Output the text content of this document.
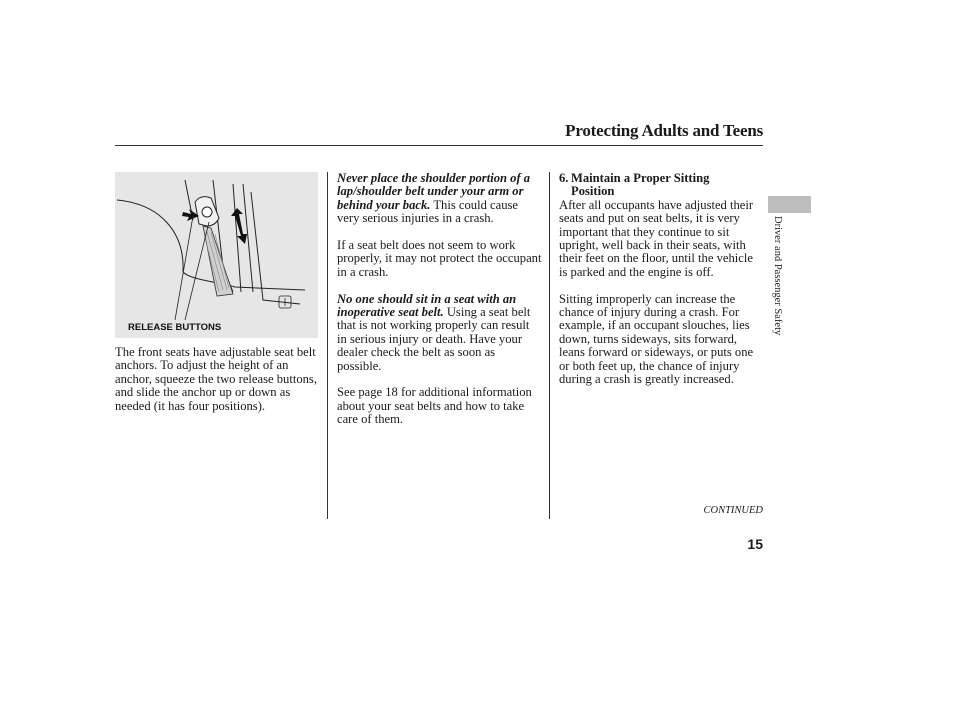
Protecting Adults and Teens
RELEASE BUTTONS

The front seats have adjustable seat belt anchors. To adjust the height of an anchor, squeeze the two release buttons, and slide the anchor up or down as needed (it has four positions).

Never place the shoulder portion of a lap/shoulder belt under your arm or behind your back. This could cause very serious injuries in a crash.

If a seat belt does not seem to work properly, it may not protect the occupant in a crash.

No one should sit in a seat with an inoperative seat belt. Using a seat belt that is not working properly can result in serious injury or death. Have your dealer check the belt as soon as possible.

See page 18 for additional information about your seat belts and how to take care of them.

6. Maintain a Proper Sitting
Position

After all occupants have adjusted their seats and put on seat belts, it is very important that they continue to sit upright, well back in their seats, with their feet on the floor, until the vehicle is parked and the engine is off.

Sitting improperly can increase the chance of injury during a crash. For example, if an occupant slouches, lies down, turns sideways, sits forward, leans forward or sideways, or puts one or both feet up, the chance of injury during a crash is greatly increased.

Driver and Passenger Safety
CONTINUED
15
